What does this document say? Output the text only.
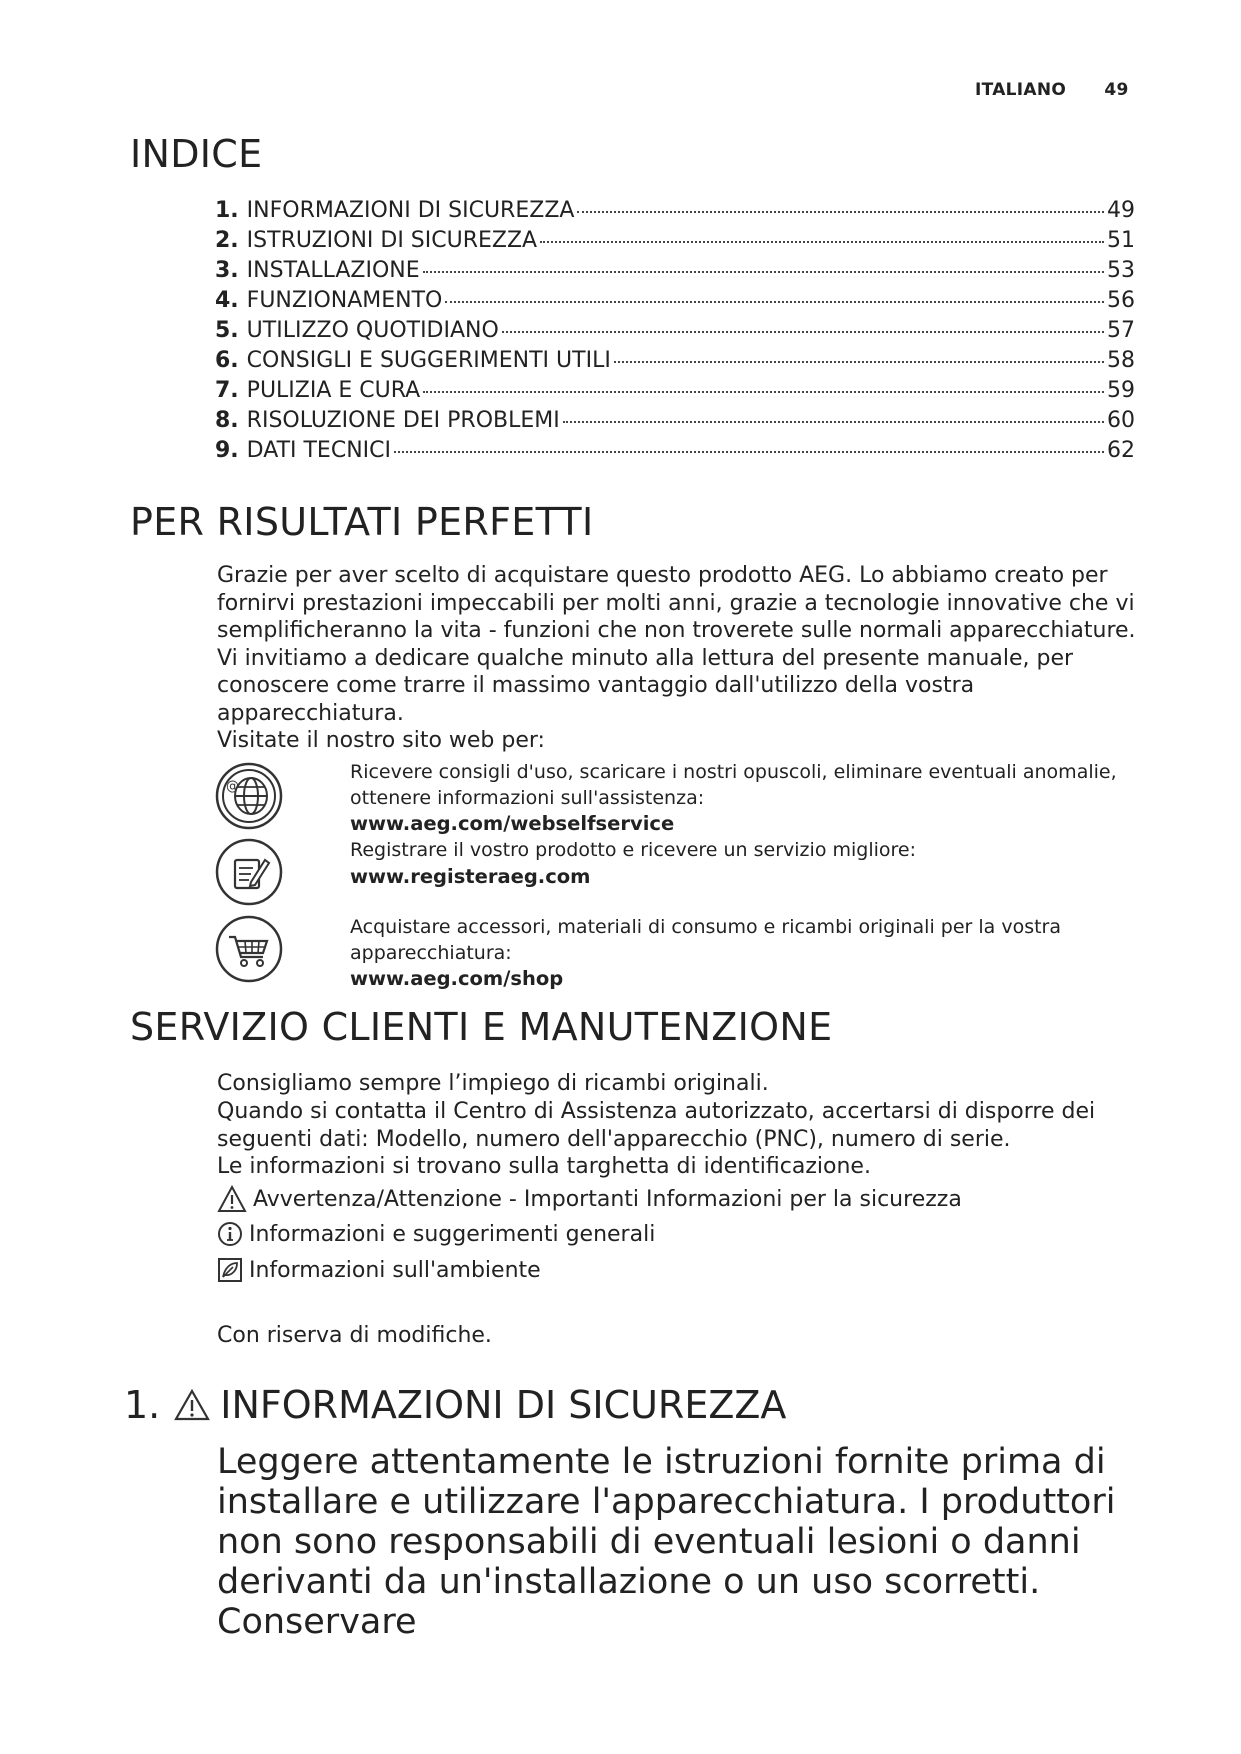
ITALIANO 49
INDICE
1. INFORMAZIONI DI SICUREZZA	49
2. ISTRUZIONI DI SICUREZZA	51
3. INSTALLAZIONE	53
4. FUNZIONAMENTO	56
5. UTILIZZO QUOTIDIANO	57
6. CONSIGLI E SUGGERIMENTI UTILI	58
7. PULIZIA E CURA	59
8. RISOLUZIONE DEI PROBLEMI	60
9. DATI TECNICI	62
PER RISULTATI PERFETTI

Grazie per aver scelto di acquistare questo prodotto AEG. Lo abbiamo creato per fornirvi prestazioni impeccabili per molti anni, grazie a tecnologie innovative che vi semplificheranno la vita - funzioni che non troverete sulle normali apparecchiature. Vi invitiamo a dedicare qualche minuto alla lettura del presente manuale, per conoscere come trarre il massimo vantaggio dall'utilizzo della vostra apparecchiatura.

Visitate il nostro sito web per:

@
Ricevere consigli d'uso, scaricare i nostri opuscoli, eliminare eventuali anomalie, ottenere informazioni sull'assistenza:
www.aeg.com/webselfservice
Registrare il vostro prodotto e ricevere un servizio migliore:
www.registeraeg.com
Acquistare accessori, materiali di consumo e ricambi originali per la vostra apparecchiatura:
www.aeg.com/shop
SERVIZIO CLIENTI E MANUTENZIONE

Consigliamo sempre l’impiego di ricambi originali.

Quando si contatta il Centro di Assistenza autorizzato, accertarsi di disporre dei seguenti dati: Modello, numero dell'apparecchio (PNC), numero di serie.

Le informazioni si trovano sulla targhetta di identificazione.

Avvertenza/Attenzione - Importanti Informazioni per la sicurezza
Informazioni e suggerimenti generali
Informazioni sull'ambiente

Con riserva di modifiche.

1. INFORMAZIONI DI SICUREZZA

Leggere attentamente le istruzioni fornite prima di installare e utilizzare l'apparecchiatura. I produttori non sono responsabili di eventuali lesioni o danni derivanti da un'installazione o un uso scorretti. Conservare
